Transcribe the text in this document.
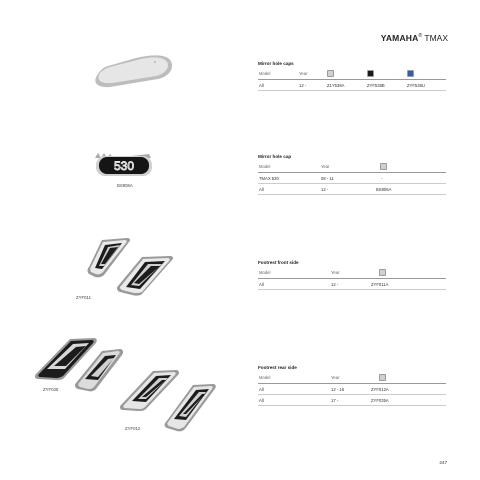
YAMAHA® TMAX
Z
530
BS806A
ZYF011
ZYF035
ZYF012
Mirror hole caps
Model	Year			
All	12 -	Z1Y538A	ZYF538B	ZYF538U
Mirror hole cap
Model	Year	
TMAX 530	08 - 11	-
All	12 -	BS806A
Footrest front side
Model	Year	
All	12 -	ZYF011A
Footrest rear side
Model	Year	
All	12 - 16	ZYF012A
All	17 -	ZYF035A
247
